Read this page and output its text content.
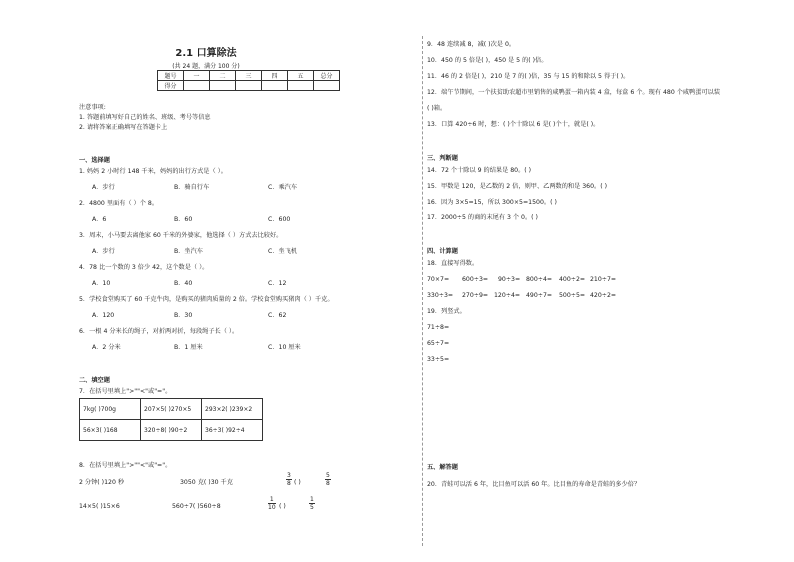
2.1 口算除法
(共 24 题，满分 100 分)
题号	一	二	三	四	五	总分
得分						
注意事项:
1. 答题前填写好自己的姓名、班级、考号等信息
2. 请将答案正确填写在答题卡上
一、选择题
1. 妈妈 2 小时行 148 千米，妈妈的出行方式是（ ）。
A．步行	B．骑自行车	C．乘汽车
2．4800 里面有（ ）个 8。
A．6	B．60	C．600
3．周末，小马要去离他家 60 千米的外婆家，他选择（ ）方式去比较好。
A．步行	B．坐汽车	C．坐飞机
4．78 比一个数的 3 倍少 42，这个数是（ ）。
A．10	B．40	C．12
5．学校食堂购买了 60 千克牛肉，是购买的猪肉质量的 2 倍。学校食堂购买猪肉（ ）千克。
A．120	B．30	C．62
6．一根 4 分米长的绳子，对折两对折，每段绳子长（ ）。
A．2 分米	B．1 厘米	C．10 厘米
二、填空题
7．在括号里填上">""<"或"="。
7kg( )700g	207×5( )270×5	293×2( )239×2
56×3( )168	320÷8( )90÷2	36÷3( )92÷4
8．在括号里填上">""<"或"="。
2 分钟( )120 秒	3050 克( )30 千克	$\frac{3}{8}$ ( )	$\frac{5}{8}$
14×5( )15×6	560÷7( )560÷8	$\frac{1}{10}$ ( )	$\frac{1}{5}$
9．48 连续减 8，减( )次是 0。
10．450 的 5 倍是( )，450 是 5 的( )倍。
11．46 的 2 倍是( )，210 是 7 的( )倍，35 与 15 的和除以 5 得于( )。
12．端午节期间，一个扶贫助农超市里销售的咸鸭蛋一箱内装 4 盒，每盒 6 个。现有 480 个咸鸭蛋可以装
( )箱。
13．口算 420÷6 时，想：( )个十除以 6 是( )个十，就是( )。
三、判断题
14．72 个十除以 9 的结果是 80。( )
15．甲数是 120，是乙数的 2 倍，则甲、乙两数的和是 360。( )
16．因为 3×5=15，所以 300×5=1500。( )
17．2000÷5 的商的末尾有 3 个 0。( )
四、计算题
18．直接写得数。
70×7= 600÷3= 90÷3= 800÷4= 400÷2= 210÷7=
330÷3= 270÷9= 120÷4= 490÷7= 500÷5= 420÷2=
19．列竖式。
71÷8=
65÷7=
33÷5=
五、解答题
20．青蛙可以活 6 年，比目鱼可以活 60 年。比目鱼的寿命是青蛙的多少倍？
